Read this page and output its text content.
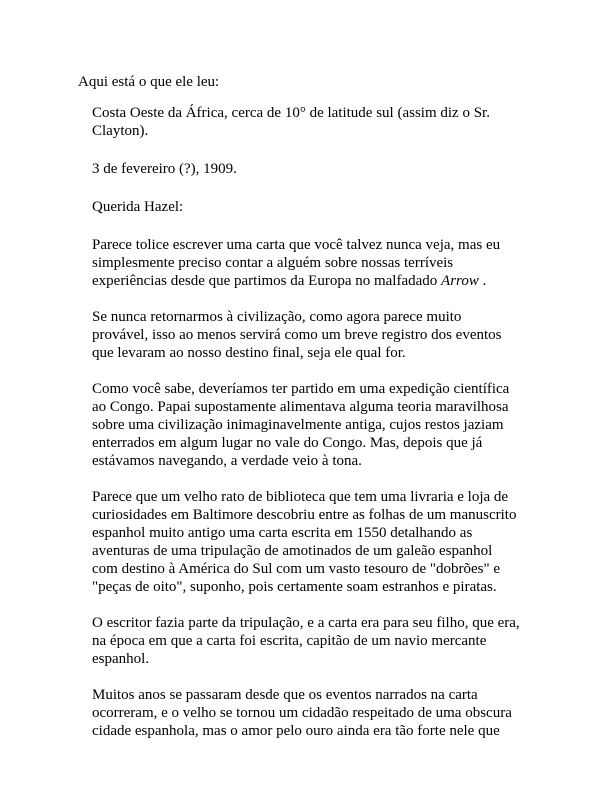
Aqui está o que ele leu:

Costa Oeste da África, cerca de 10° de latitude sul (assim diz o Sr.
Clayton).

3 de fevereiro (?), 1909.

Querida Hazel:

Parece tolice escrever uma carta que você talvez nunca veja, mas eu
simplesmente preciso contar a alguém sobre nossas terríveis
experiências desde que partimos da Europa no malfadado Arrow .

Se nunca retornarmos à civilização, como agora parece muito
provável, isso ao menos servirá como um breve registro dos eventos
que levaram ao nosso destino final, seja ele qual for.

Como você sabe, deveríamos ter partido em uma expedição científica
ao Congo. Papai supostamente alimentava alguma teoria maravilhosa
sobre uma civilização inimaginavelmente antiga, cujos restos jaziam
enterrados em algum lugar no vale do Congo. Mas, depois que já
estávamos navegando, a verdade veio à tona.

Parece que um velho rato de biblioteca que tem uma livraria e loja de
curiosidades em Baltimore descobriu entre as folhas de um manuscrito
espanhol muito antigo uma carta escrita em 1550 detalhando as
aventuras de uma tripulação de amotinados de um galeão espanhol
com destino à América do Sul com um vasto tesouro de "dobrões" e
"peças de oito", suponho, pois certamente soam estranhos e piratas.

O escritor fazia parte da tripulação, e a carta era para seu filho, que era,
na época em que a carta foi escrita, capitão de um navio mercante
espanhol.

Muitos anos se passaram desde que os eventos narrados na carta
ocorreram, e o velho se tornou um cidadão respeitado de uma obscura
cidade espanhola, mas o amor pelo ouro ainda era tão forte nele que
